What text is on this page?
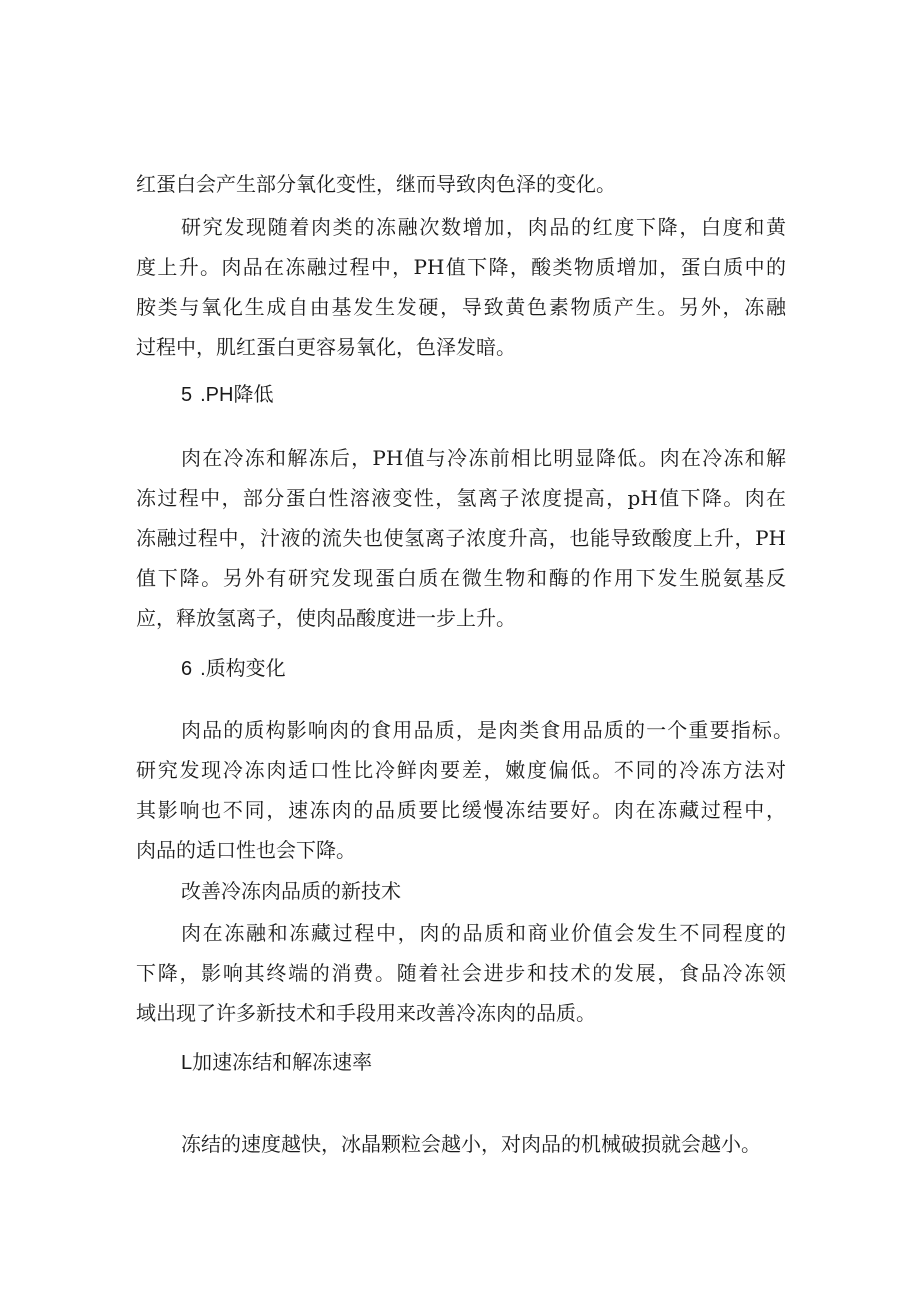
红蛋白会产生部分氧化变性，继而导致肉色泽的变化。
研究发现随着肉类的冻融次数增加，肉品的红度下降，白度和黄
度上升。肉品在冻融过程中，PH值下降，酸类物质增加，蛋白质中的
胺类与氧化生成自由基发生发硬，导致黄色素物质产生。另外，冻融
过程中，肌红蛋白更容易氧化，色泽发暗。
5 .PH降低
肉在冷冻和解冻后，PH值与冷冻前相比明显降低。肉在冷冻和解
冻过程中，部分蛋白性溶液变性，氢离子浓度提高，pH值下降。肉在
冻融过程中，汁液的流失也使氢离子浓度升高，也能导致酸度上升，PH
值下降。另外有研究发现蛋白质在微生物和酶的作用下发生脱氨基反
应，释放氢离子，使肉品酸度进一步上升。
6 .质构变化
肉品的质构影响肉的食用品质，是肉类食用品质的一个重要指标。
研究发现冷冻肉适口性比冷鲜肉要差，嫩度偏低。不同的冷冻方法对
其影响也不同，速冻肉的品质要比缓慢冻结要好。肉在冻藏过程中，
肉品的适口性也会下降。
改善冷冻肉品质的新技术
肉在冻融和冻藏过程中，肉的品质和商业价值会发生不同程度的
下降，影响其终端的消费。随着社会进步和技术的发展，食品冷冻领
域出现了许多新技术和手段用来改善冷冻肉的品质。
L加速冻结和解冻速率
冻结的速度越快，冰晶颗粒会越小，对肉品的机械破损就会越小。
